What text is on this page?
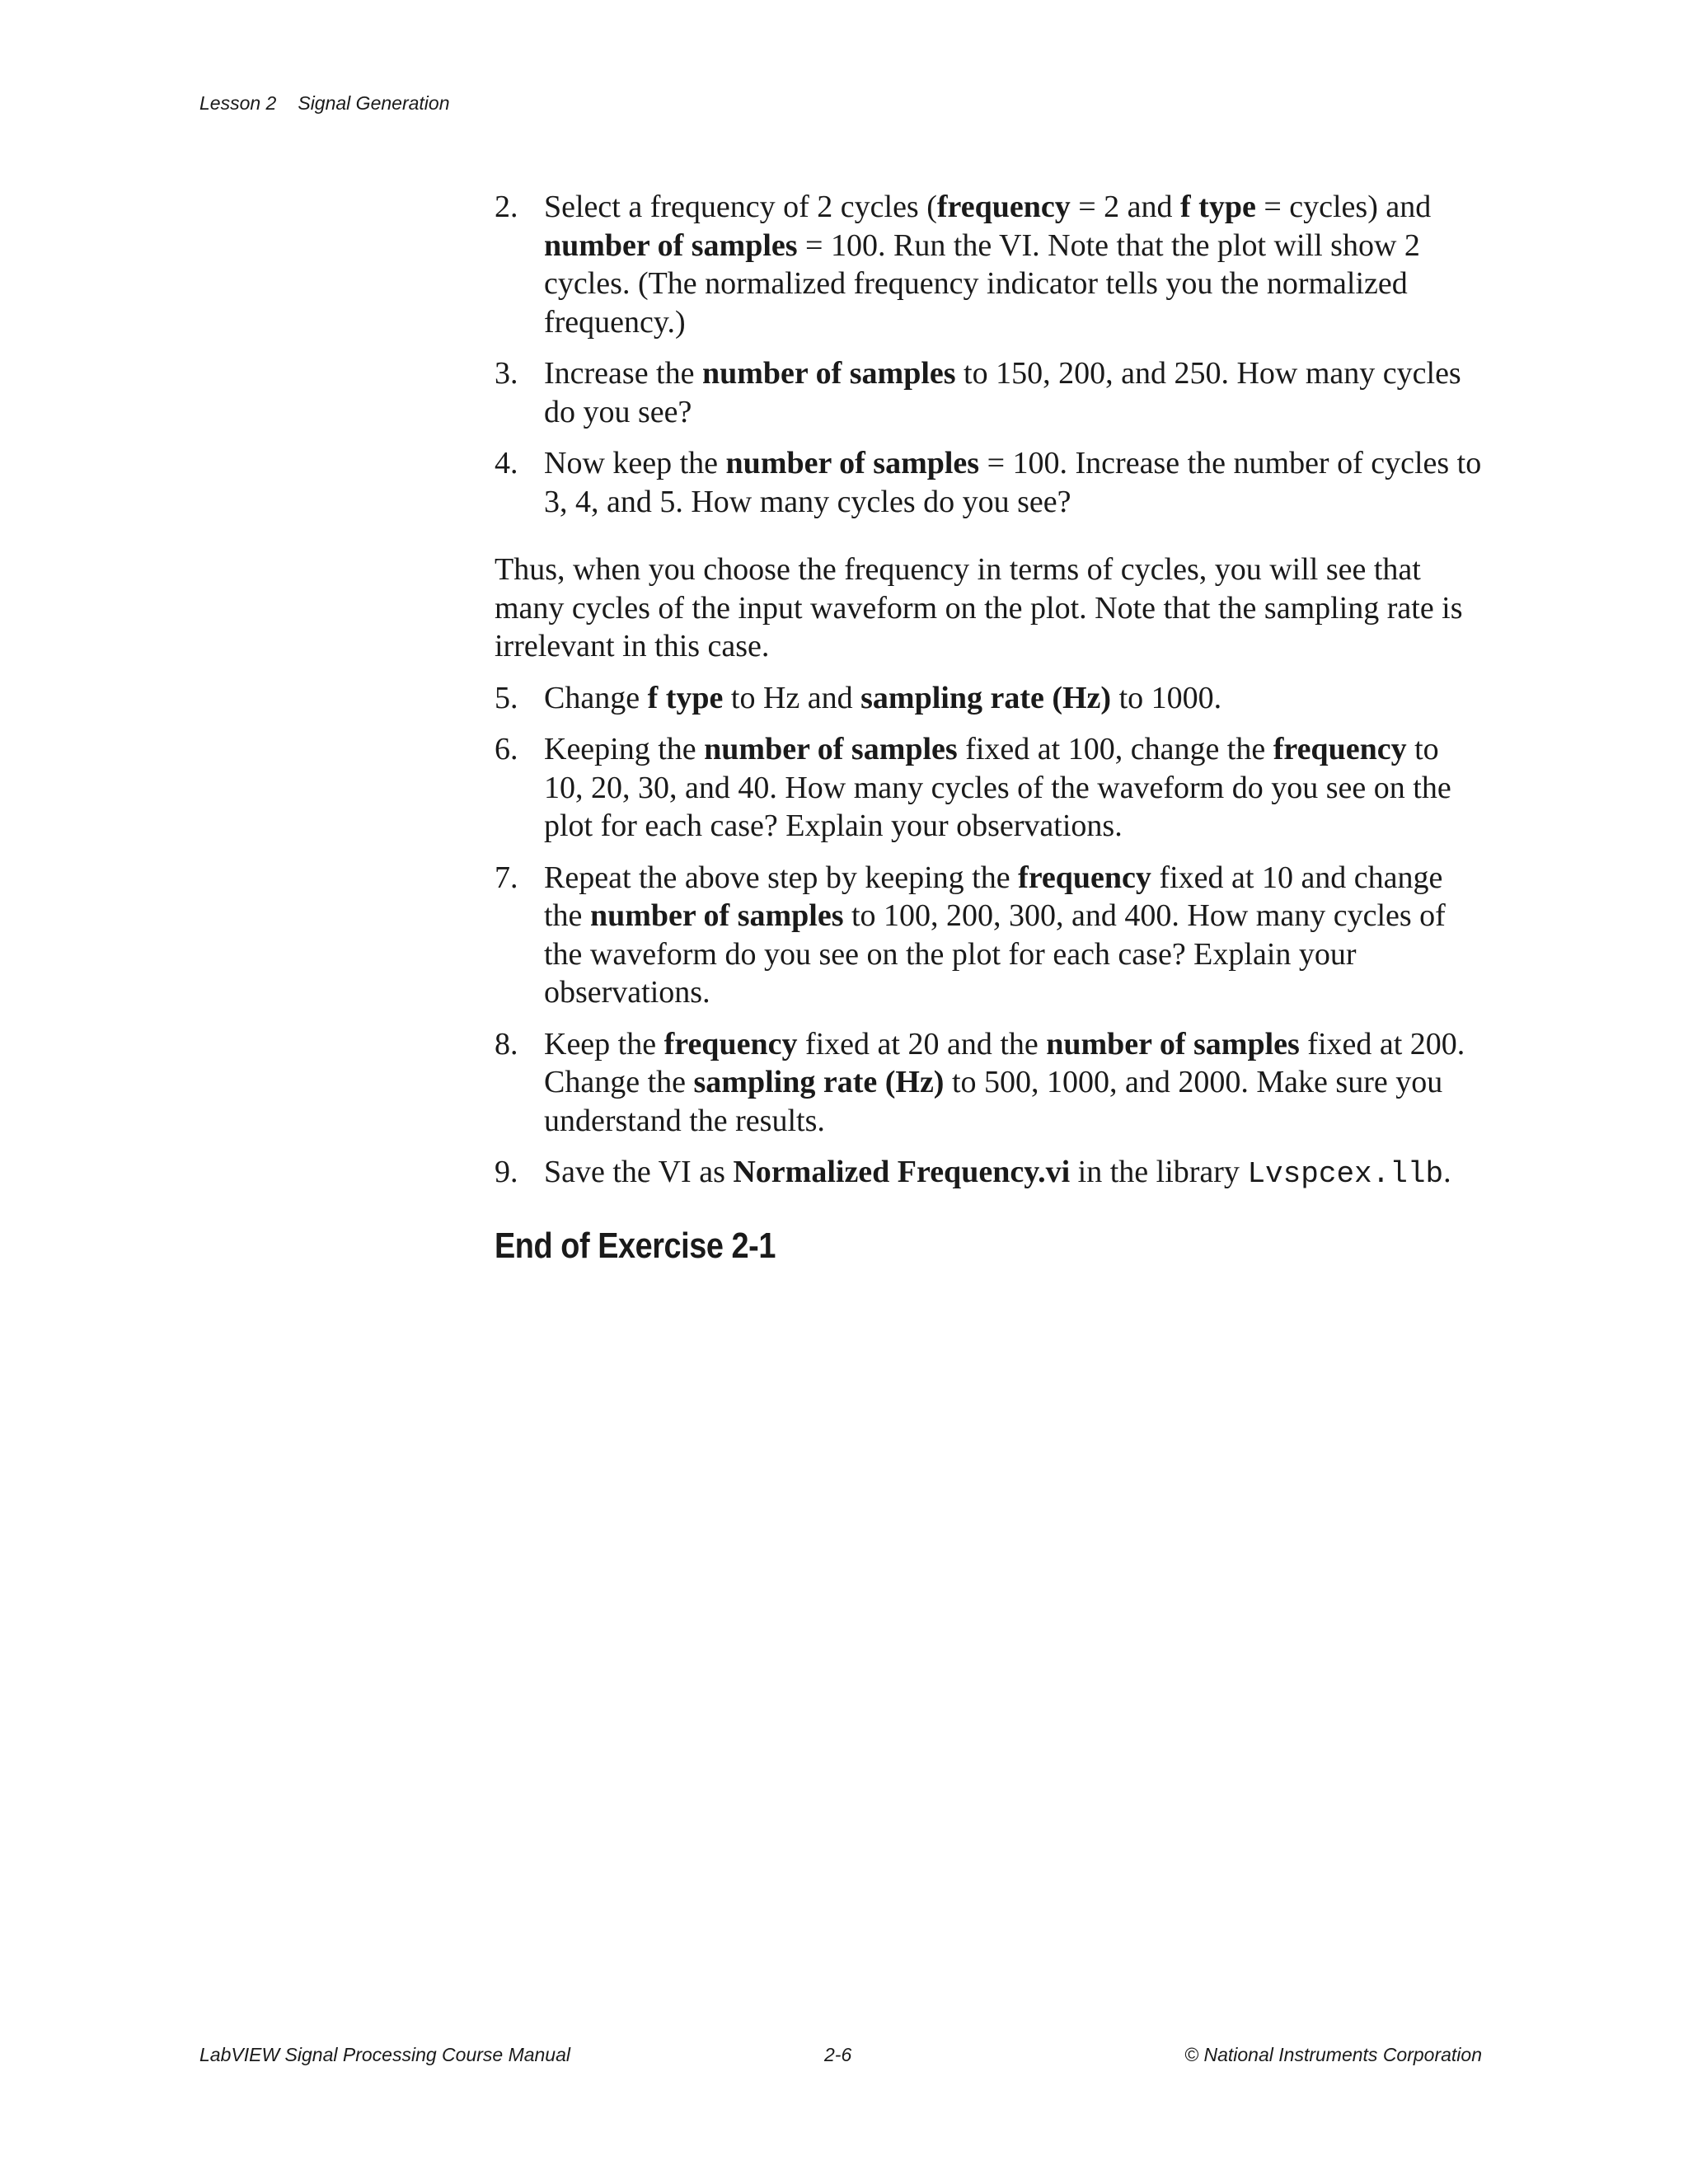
Lesson 2 Signal Generation
2. Select a frequency of 2 cycles (frequency = 2 and f type = cycles) and number of samples = 100. Run the VI. Note that the plot will show 2 cycles. (The normalized frequency indicator tells you the normalized frequency.)
3. Increase the number of samples to 150, 200, and 250. How many cycles do you see?
4. Now keep the number of samples = 100. Increase the number of cycles to 3, 4, and 5. How many cycles do you see?
Thus, when you choose the frequency in terms of cycles, you will see that many cycles of the input waveform on the plot. Note that the sampling rate is irrelevant in this case.
5. Change f type to Hz and sampling rate (Hz) to 1000.
6. Keeping the number of samples fixed at 100, change the frequency to 10, 20, 30, and 40. How many cycles of the waveform do you see on the plot for each case? Explain your observations.
7. Repeat the above step by keeping the frequency fixed at 10 and change the number of samples to 100, 200, 300, and 400. How many cycles of the waveform do you see on the plot for each case? Explain your observations.
8. Keep the frequency fixed at 20 and the number of samples fixed at 200. Change the sampling rate (Hz) to 500, 1000, and 2000. Make sure you understand the results.
9. Save the VI as Normalized Frequency.vi in the library Lvspcex.llb.
End of Exercise 2-1
LabVIEW Signal Processing Course Manual	2-6	© National Instruments Corporation
